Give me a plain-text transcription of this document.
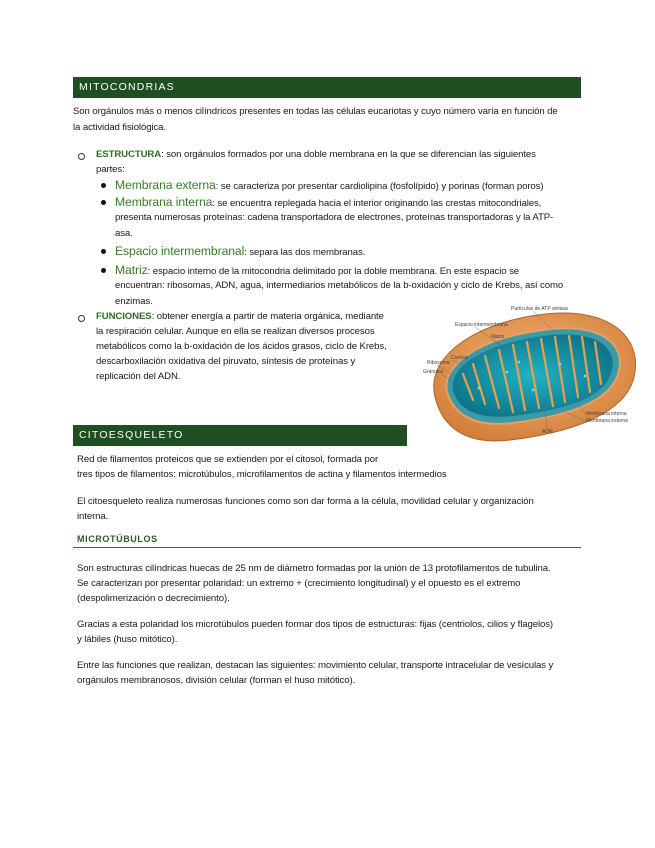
MITOCONDRIAS
Son orgánulos más o menos cilíndricos presentes en todas las células eucariotas y cuyo número varía en función de
la actividad fisiológica.
ESTRUCTURA: son orgánulos formados por una doble membrana en la que se diferencian las siguientes
partes:
Membrana externa: se caracteriza por presentar cardiolipina (fosfolípido) y porinas (forman poros)
Membrana interna: se encuentra replegada hacia el interior originando las crestas mitocondriales,
presenta numerosas proteínas: cadena transportadora de electrones, proteínas transportadoras y la ATP-
asa.
Espacio intermembranal: separa las dos membranas.
Matriz: espacio interno de la mitocondria delimitado por la doble membrana. En este espacio se
encuentran: ribosomas, ADN, agua, intermediarios metabólicos de la b-oxidación y ciclo de Krebs, así como
enzimas.
FUNCIONES: obtener energía a partir de materia orgánica, mediante
la respiración celular. Aunque en ella se realizan diversos procesos
metabólicos como la b-oxidación de los ácidos grasos, ciclo de Krebs,
descarboxilación oxidativa del piruvato, síntesis de proteínas y
replicación del ADN.
Partículas de ATP sintasa
Espacio intermembrana
Matriz
Crestas
Ribosoma
Gránulos
ADN
Membrana interna
Membrana externa
CITOESQUELETO
Red de filamentos proteicos que se extienden por el citosol, formada por
tres tipos de filamentos: microtúbulos, microfilamentos de actina y filamentos intermedios
El citoesqueleto realiza numerosas funciones como son dar forma a la célula, movilidad celular y organización
interna.
MICROTÚBULOS
Son estructuras cilíndricas huecas de 25 nm de diámetro formadas por la unión de 13 protofilamentos de tubulina.
Se caracterizan por presentar polaridad: un extremo + (crecimiento longitudinal) y el opuesto es el extremo
(despolimerización o decrecimiento).
Gracias a esta polaridad los microtúbulos pueden formar dos tipos de estructuras: fijas (centriolos, cilios y flagelos)
y lábiles (huso mitótico).
Entre las funciones que realizan, destacan las siguientes: movimiento celular, transporte intracelular de vesículas y
orgánulos membranosos, división celular (forman el huso mitótico).
